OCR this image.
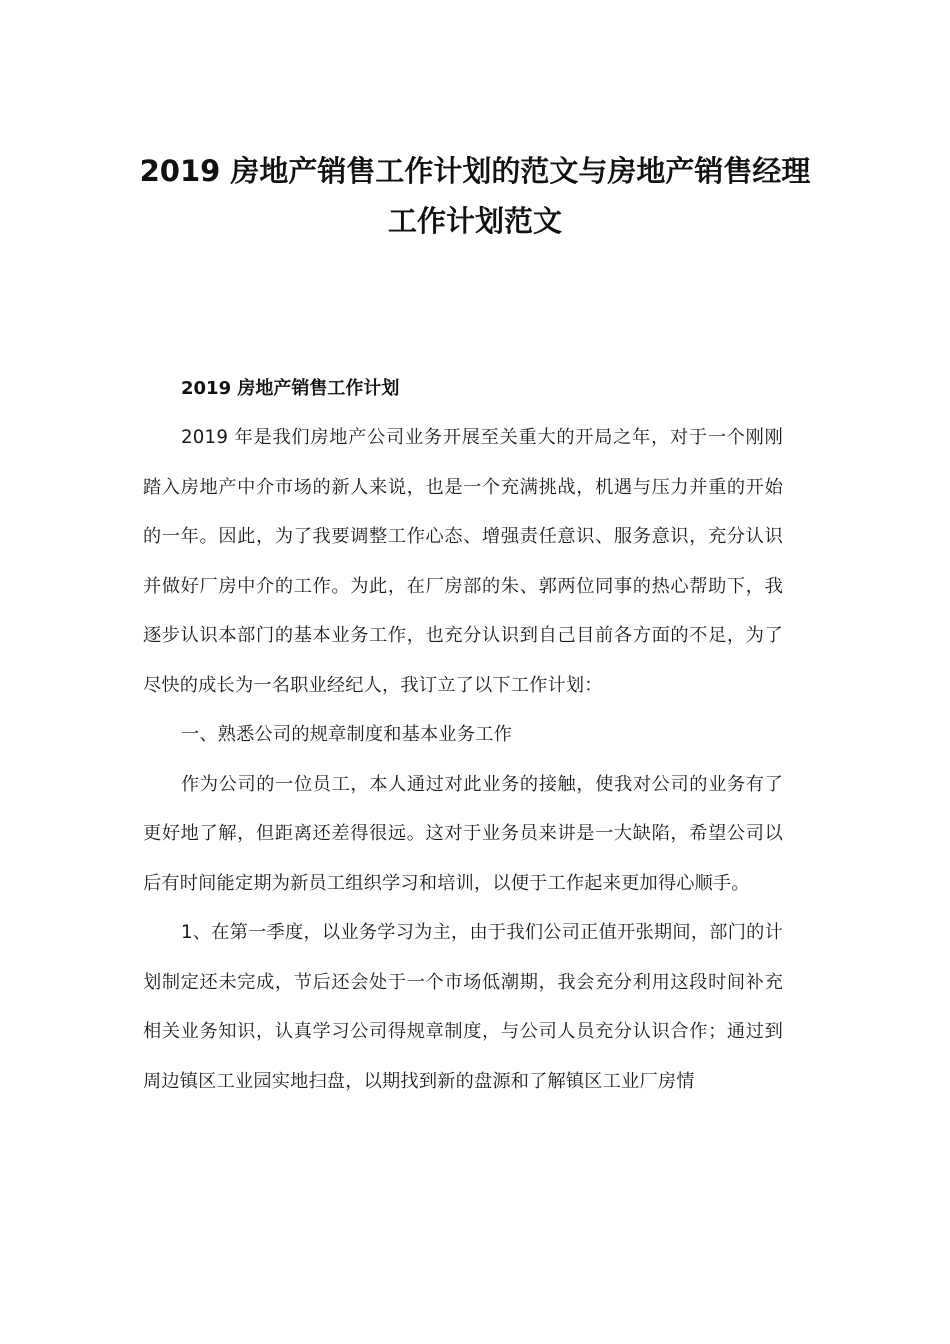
2019 房地产销售工作计划的范文与房地产销售经理工作计划范文
2019 房地产销售工作计划

2019 年是我们房地产公司业务开展至关重大的开局之年，对于一个刚刚踏入房地产中介市场的新人来说，也是一个充满挑战，机遇与压力并重的开始的一年。因此，为了我要调整工作心态、增强责任意识、服务意识，充分认识并做好厂房中介的工作。为此，在厂房部的朱、郭两位同事的热心帮助下，我逐步认识本部门的基本业务工作，也充分认识到自己目前各方面的不足，为了尽快的成长为一名职业经纪人，我订立了以下工作计划：

一、熟悉公司的规章制度和基本业务工作

作为公司的一位员工，本人通过对此业务的接触，使我对公司的业务有了更好地了解，但距离还差得很远。这对于业务员来讲是一大缺陷，希望公司以后有时间能定期为新员工组织学习和培训，以便于工作起来更加得心顺手。

1、在第一季度，以业务学习为主，由于我们公司正值开张期间，部门的计划制定还未完成，节后还会处于一个市场低潮期，我会充分利用这段时间补充相关业务知识，认真学习公司得规章制度，与公司人员充分认识合作；通过到周边镇区工业园实地扫盘，以期找到新的盘源和了解镇区工业厂房情
